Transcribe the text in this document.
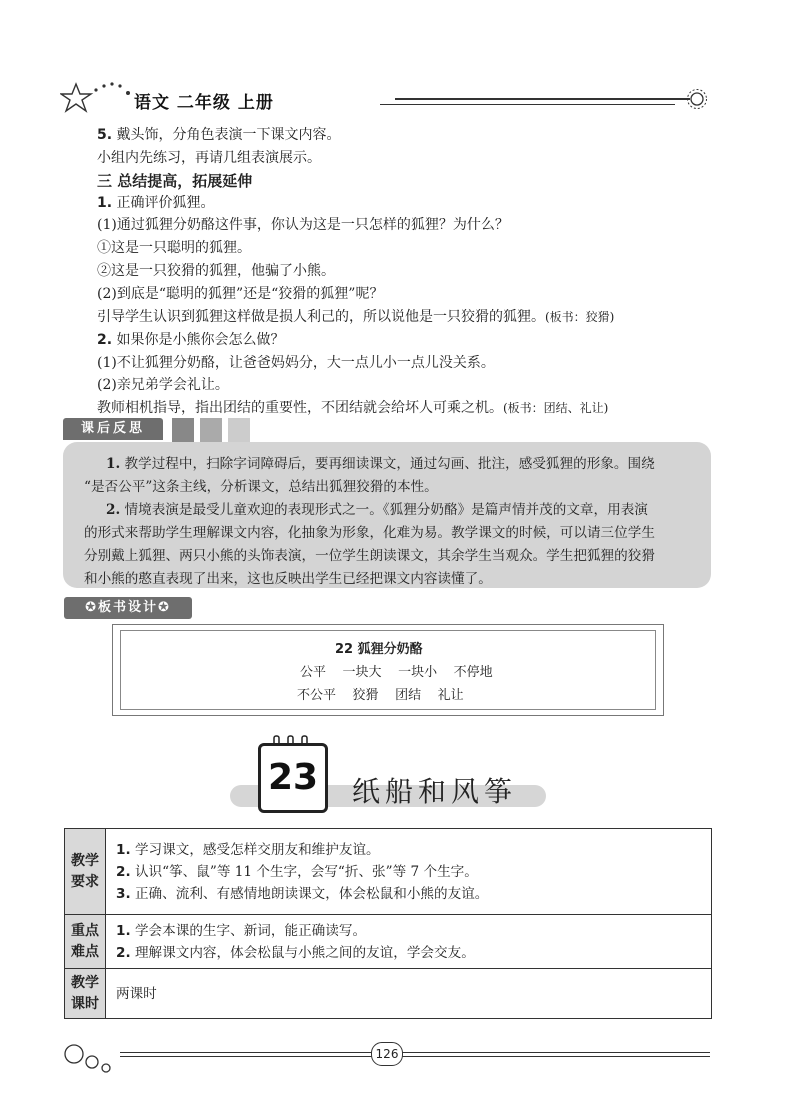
语文 二年级 上册
5. 戴头饰，分角色表演一下课文内容。
小组内先练习，再请几组表演展示。
三 总结提高，拓展延伸
1. 正确评价狐狸。
(1)通过狐狸分奶酪这件事，你认为这是一只怎样的狐狸？为什么？
①这是一只聪明的狐狸。
②这是一只狡猾的狐狸，他骗了小熊。
(2)到底是“聪明的狐狸”还是“狡猾的狐狸”呢？
引导学生认识到狐狸这样做是损人利己的，所以说他是一只狡猾的狐狸。(板书：狡猾)
2. 如果你是小熊你会怎么做？
(1)不让狐狸分奶酪，让爸爸妈妈分，大一点儿小一点儿没关系。
(2)亲兄弟学会礼让。
教师相机指导，指出团结的重要性，不团结就会给坏人可乘之机。(板书：团结、礼让)
课后反思
1. 教学过程中，扫除字词障碍后，要再细读课文，通过勾画、批注，感受狐狸的形象。围绕
“是否公平”这条主线，分析课文，总结出狐狸狡猾的本性。
2. 情境表演是最受儿童欢迎的表现形式之一。《狐狸分奶酪》是篇声情并茂的文章，用表演
的形式来帮助学生理解课文内容，化抽象为形象，化难为易。教学课文的时候，可以请三位学生
分别戴上狐狸、两只小熊的头饰表演，一位学生朗读课文，其余学生当观众。学生把狐狸的狡猾
和小熊的憨直表现了出来，这也反映出学生已经把课文内容读懂了。
✪板书设计✪
22 狐狸分奶酪
公平 一块大 一块小 不停地
不公平 狡猾 团结 礼让
23	纸船和风筝
教学要求	1. 学习课文，感受怎样交朋友和维护友谊。
2. 认识“筝、鼠”等 11 个生字，会写“折、张”等 7 个生字。
3. 正确、流利、有感情地朗读课文，体会松鼠和小熊的友谊。

重点难点	1. 学会本课的生字、新词，能正确读写。
2. 理解课文内容，体会松鼠与小熊之间的友谊，学会交友。

教学课时	两课时
126
